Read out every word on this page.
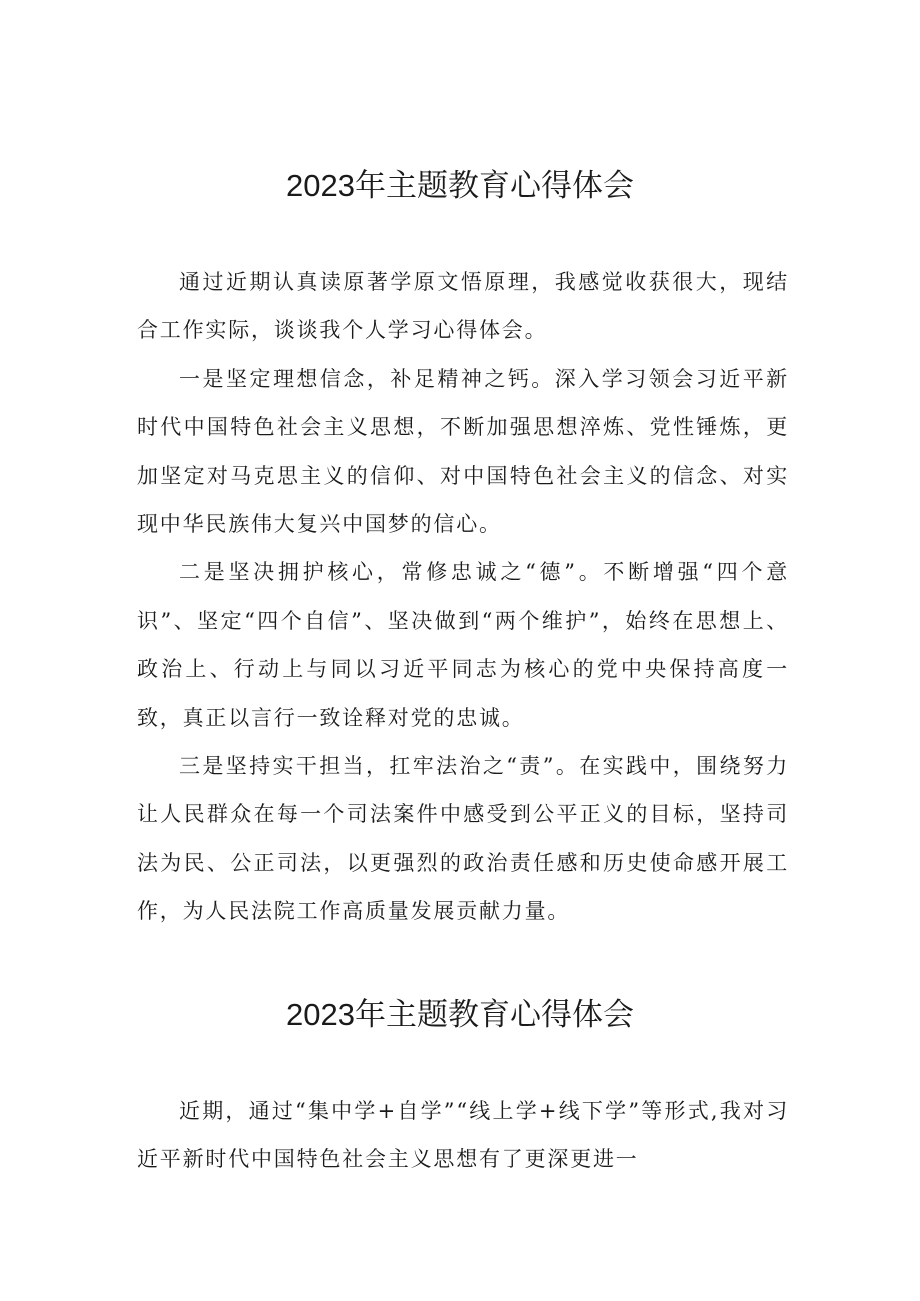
2023年主题教育心得体会

通过近期认真读原著学原文悟原理，我感觉收获很大，现结合工作实际，谈谈我个人学习心得体会。

一是坚定理想信念，补足精神之钙。深入学习领会习近平新时代中国特色社会主义思想，不断加强思想淬炼、党性锤炼，更加坚定对马克思主义的信仰、对中国特色社会主义的信念、对实现中华民族伟大复兴中国梦的信心。

二是坚决拥护核心，常修忠诚之“德”。不断增强“四个意识”、坚定“四个自信”、坚决做到“两个维护”，始终在思想上、政治上、行动上与同以习近平同志为核心的党中央保持高度一致，真正以言行一致诠释对党的忠诚。

三是坚持实干担当，扛牢法治之“责”。在实践中，围绕努力让人民群众在每一个司法案件中感受到公平正义的目标，坚持司法为民、公正司法，以更强烈的政治责任感和历史使命感开展工作，为人民法院工作高质量发展贡献力量。

2023年主题教育心得体会

近期，通过“集中学+自学”“线上学+线下学”等形式,我对习近平新时代中国特色社会主义思想有了更深更进一
